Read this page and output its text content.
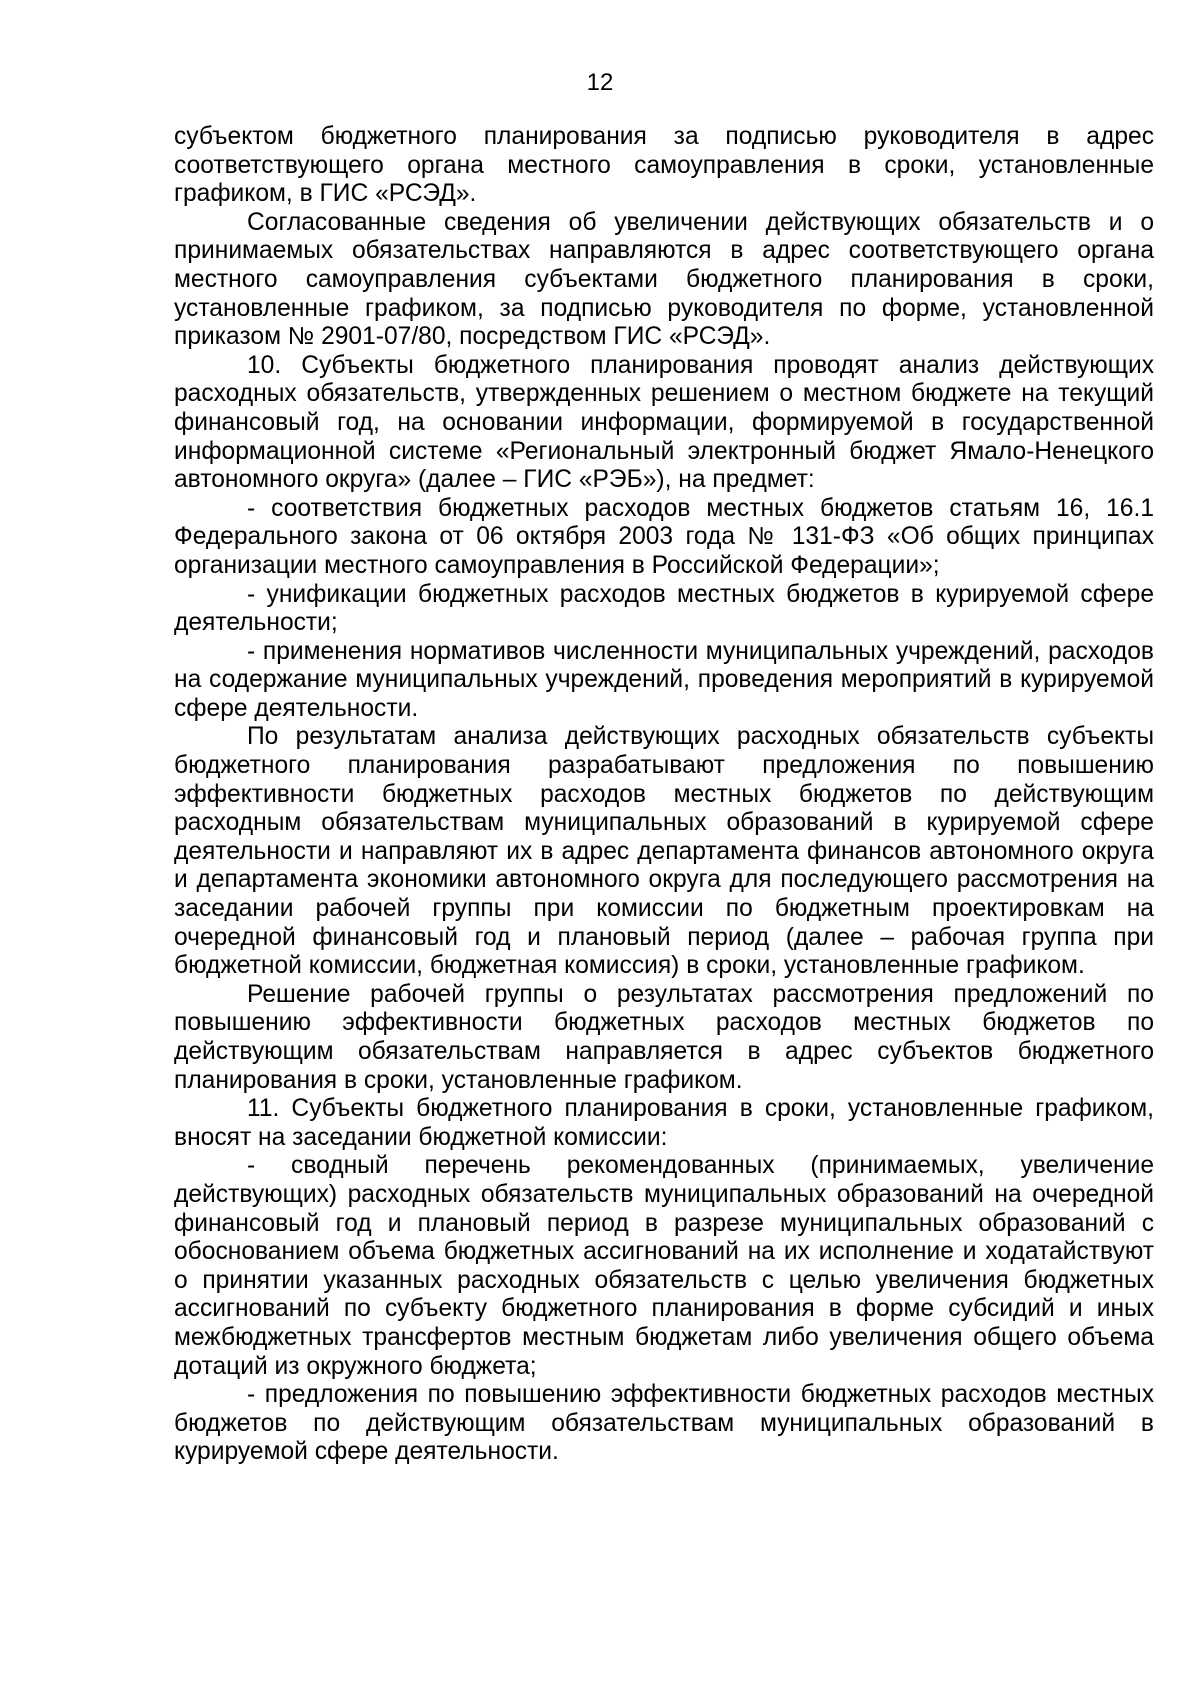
12

субъектом бюджетного планирования за подписью руководителя в адрес соответствующего органа местного самоуправления в сроки, установленные графиком, в ГИС «РСЭД».

Согласованные сведения об увеличении действующих обязательств и о принимаемых обязательствах направляются в адрес соответствующего органа местного самоуправления субъектами бюджетного планирования в сроки, установленные графиком, за подписью руководителя по форме, установленной приказом № 2901-07/80, посредством ГИС «РСЭД».

10. Субъекты бюджетного планирования проводят анализ действующих расходных обязательств, утвержденных решением о местном бюджете на текущий финансовый год, на основании информации, формируемой в государственной информационной системе «Региональный электронный бюджет Ямало-Ненецкого автономного округа» (далее – ГИС «РЭБ»), на предмет:

- соответствия бюджетных расходов местных бюджетов статьям 16, 16.1 Федерального закона от 06 октября 2003 года № 131-ФЗ «Об общих принципах организации местного самоуправления в Российской Федерации»;

- унификации бюджетных расходов местных бюджетов в курируемой сфере деятельности;

- применения нормативов численности муниципальных учреждений, расходов на содержание муниципальных учреждений, проведения мероприятий в курируемой сфере деятельности.

По результатам анализа действующих расходных обязательств субъекты бюджетного планирования разрабатывают предложения по повышению эффективности бюджетных расходов местных бюджетов по действующим расходным обязательствам муниципальных образований в курируемой сфере деятельности и направляют их в адрес департамента финансов автономного округа и департамента экономики автономного округа для последующего рассмотрения на заседании рабочей группы при комиссии по бюджетным проектировкам на очередной финансовый год и плановый период (далее – рабочая группа при бюджетной комиссии, бюджетная комиссия) в сроки, установленные графиком.

Решение рабочей группы о результатах рассмотрения предложений по повышению эффективности бюджетных расходов местных бюджетов по действующим обязательствам направляется в адрес субъектов бюджетного планирования в сроки, установленные графиком.

11. Субъекты бюджетного планирования в сроки, установленные графиком, вносят на заседании бюджетной комиссии:

- сводный перечень рекомендованных (принимаемых, увеличение действующих) расходных обязательств муниципальных образований на очередной финансовый год и плановый период в разрезе муниципальных образований с обоснованием объема бюджетных ассигнований на их исполнение и ходатайствуют о принятии указанных расходных обязательств с целью увеличения бюджетных ассигнований по субъекту бюджетного планирования в форме субсидий и иных межбюджетных трансфертов местным бюджетам либо увеличения общего объема дотаций из окружного бюджета;

- предложения по повышению эффективности бюджетных расходов местных бюджетов по действующим обязательствам муниципальных образований в курируемой сфере деятельности.
